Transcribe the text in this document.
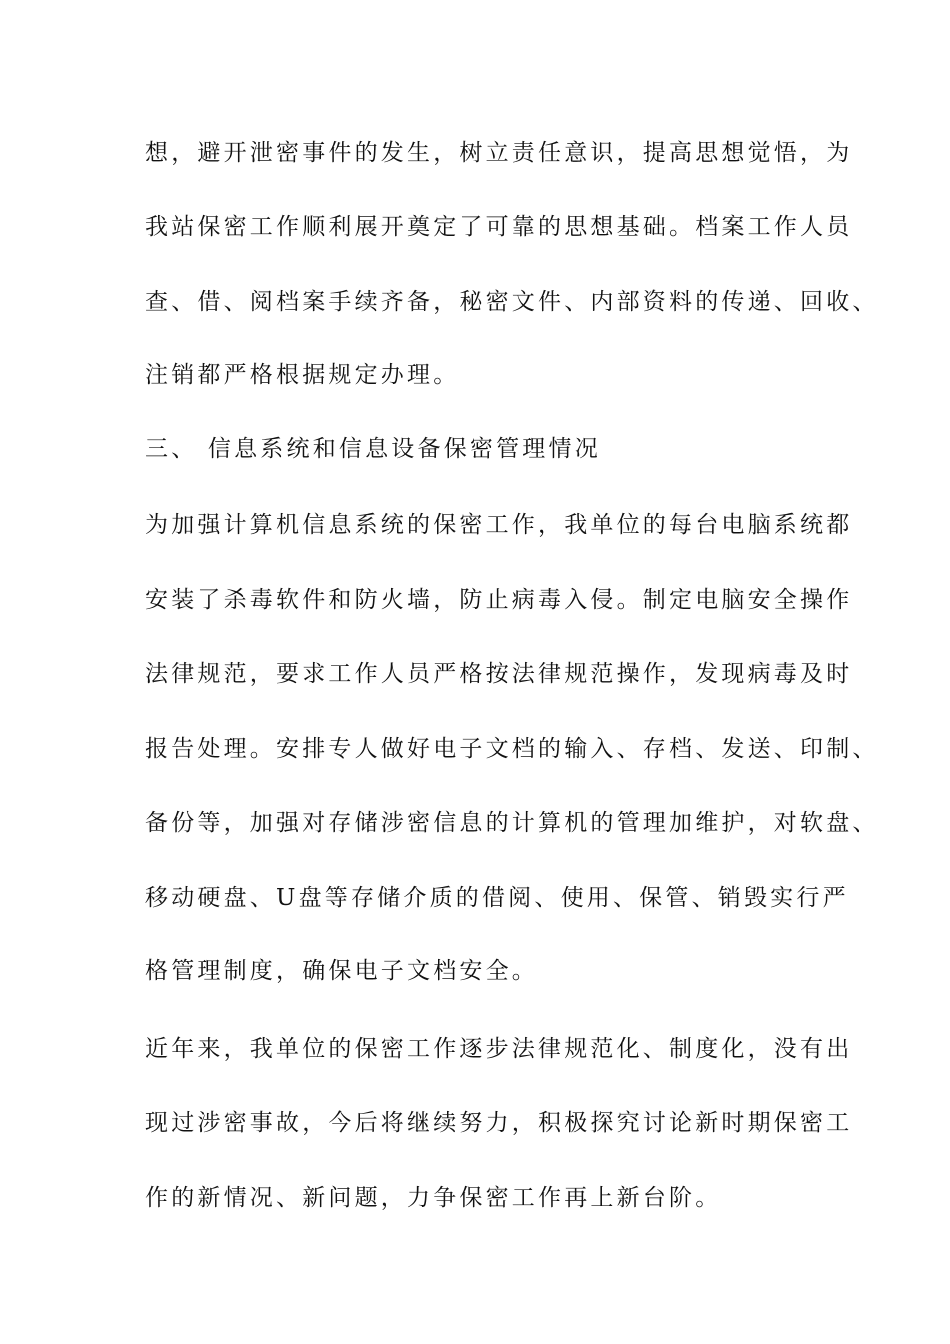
想，避开泄密事件的发生，树立责任意识，提高思想觉悟，为
我站保密工作顺利展开奠定了可靠的思想基础。档案工作人员
查、借、阅档案手续齐备，秘密文件、内部资料的传递、回收、
注销都严格根据规定办理。
三、 信息系统和信息设备保密管理情况
为加强计算机信息系统的保密工作，我单位的每台电脑系统都
安装了杀毒软件和防火墙，防止病毒入侵。制定电脑安全操作
法律规范，要求工作人员严格按法律规范操作，发现病毒及时
报告处理。安排专人做好电子文档的输入、存档、发送、印制、
备份等，加强对存储涉密信息的计算机的管理加维护，对软盘、
移动硬盘、U盘等存储介质的借阅、使用、保管、销毁实行严
格管理制度，确保电子文档安全。
近年来，我单位的保密工作逐步法律规范化、制度化，没有出
现过涉密事故，今后将继续努力，积极探究讨论新时期保密工
作的新情况、新问题，力争保密工作再上新台阶。
